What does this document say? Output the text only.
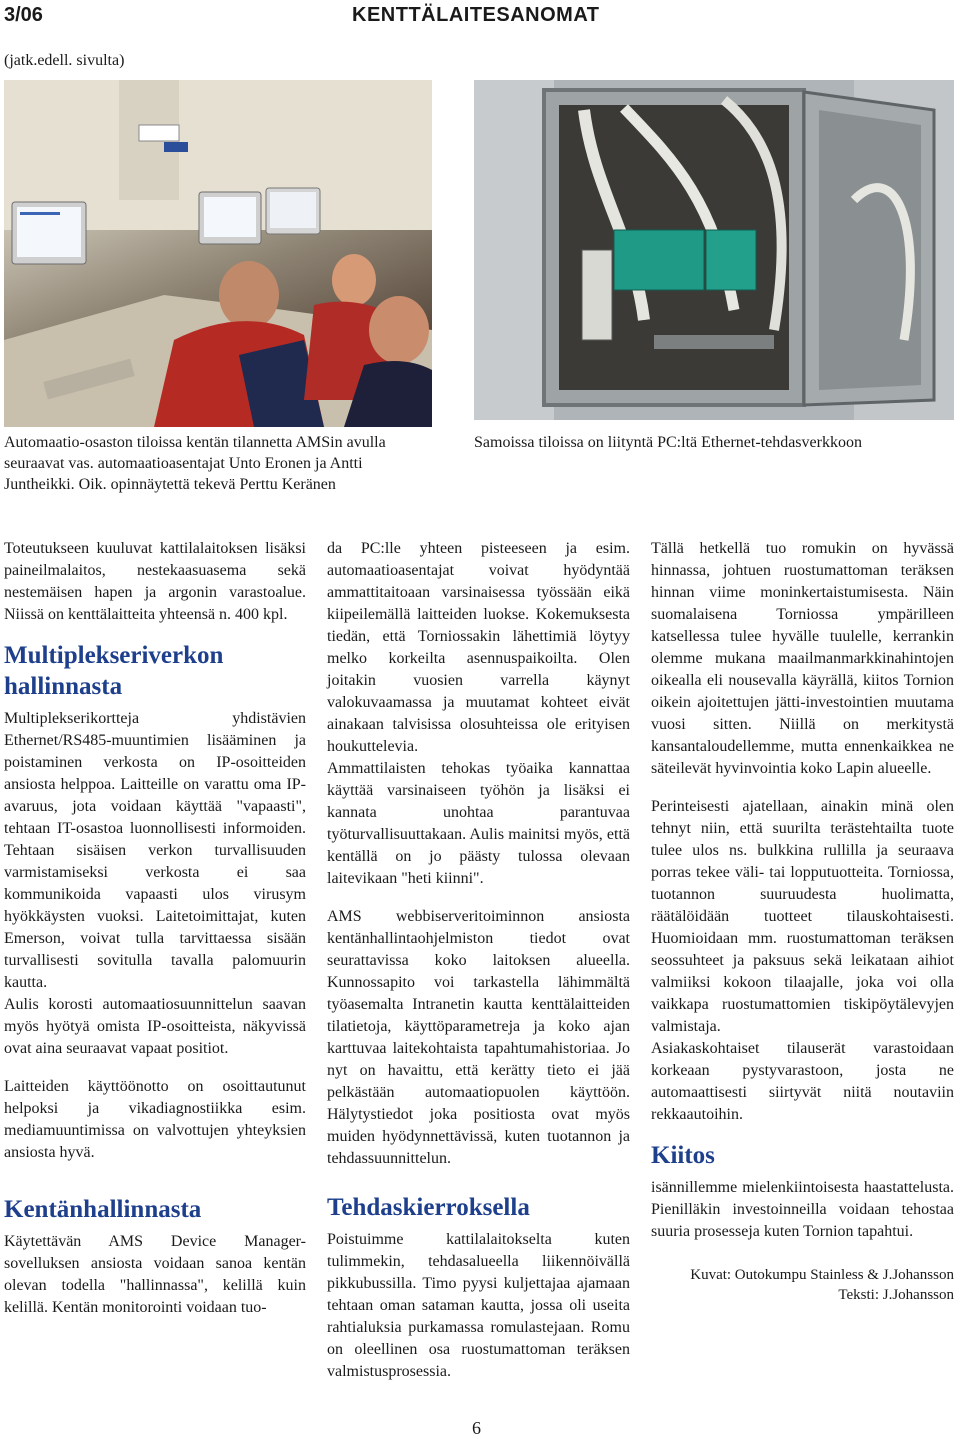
3/06	KENTTÄLAITESANOMAT
(jatk.edell. sivulta)
Automaatio-osaston tiloissa kentän tilannetta AMSin avulla seuraavat vas. automaatioasentajat Unto Eronen ja Antti Juntheikki. Oik. opinnäytettä tekevä Perttu Keränen
Samoissa tiloissa on liityntä PC:ltä Ethernet-tehdasverkkoon

Toteutukseen kuuluvat kattilalaitoksen lisäksi paineilmalaitos, nestekaasuasema sekä nestemäisen hapen ja argonin varastoalue. Niissä on kenttälaitteita yhteensä n. 400 kpl.

Multiplekseriverkon hallinnasta

Multiplekserikortteja yhdistävien Ethernet/RS485-muuntimien lisääminen ja poistaminen verkosta on IP-osoitteiden ansiosta helppoa. Laitteille on varattu oma IP-avaruus, jota voidaan käyttää "vapaasti", tehtaan IT-osastoa luonnollisesti informoiden. Tehtaan sisäisen verkon turvallisuuden varmistamiseksi verkosta ei saa kommunikoida vapaasti ulos virusym hyökkäysten vuoksi. Laitetoimittajat, kuten Emerson, voivat tulla tarvittaessa sisään turvallisesti sovitulla tavalla palomuurin kautta.

Aulis korosti automaatiosuunnittelun saavan myös hyötyä omista IP-osoitteista, näkyvissä ovat aina seuraavat vapaat positiot.

Laitteiden käyttöönotto on osoittautunut helpoksi ja vikadiagnostiikka esim. mediamuuntimissa on valvottujen yhteyksien ansiosta hyvä.

Kentänhallinnasta

Käytettävän AMS Device Manager-sovelluksen ansiosta voidaan sanoa kentän olevan todella "hallinnassa", kelillä kuin kelillä. Kentän monitorointi voidaan tuo-

da PC:lle yhteen pisteeseen ja esim. automaatioasentajat voivat hyödyntää ammattitaitoaan varsinaisessa työssään eikä kiipeilemällä laitteiden luokse. Kokemuksesta tiedän, että Torniossakin lähettimiä löytyy melko korkeilta asennuspaikoilta. Olen joitakin vuosien varrella käynyt valokuvaamassa ja muutamat kohteet eivät ainakaan talvisissa olosuhteissa ole erityisen houkuttelevia.

Ammattilaisten tehokas työaika kannattaa käyttää varsinaiseen työhön ja lisäksi ei kannata unohtaa parantuvaa työturvallisuuttakaan. Aulis mainitsi myös, että kentällä on jo päästy tulossa olevaan laitevikaan "heti kiinni".

AMS webbiserveritoiminnon ansiosta kentänhallintaohjelmiston tiedot ovat seurattavissa koko laitoksen alueella. Kunnossapito voi tarkastella lähimmältä työasemalta Intranetin kautta kenttälaitteiden tilatietoja, käyttöparametreja ja koko ajan karttuvaa laitekohtaista tapahtumahistoriaa. Jo nyt on havaittu, että kerätty tieto ei jää pelkästään automaatiopuolen käyttöön. Hälytystiedot joka positiosta ovat myös muiden hyödynnettävissä, kuten tuotannon ja tehdassuunnittelun.

Tehdaskierroksella

Poistuimme kattilalaitokselta kuten tulimmekin, tehdasalueella liikennöivällä pikkubussilla. Timo pyysi kuljettajaa ajamaan tehtaan oman sataman kautta, jossa oli useita rahtialuksia purkamassa romulastejaan. Romu on oleellinen osa ruostumattoman teräksen valmistusprosessia.

Tällä hetkellä tuo romukin on hyvässä hinnassa, johtuen ruostumattoman teräksen hinnan viime moninkertaistumisesta. Näin suomalaisena Torniossa ympärilleen katsellessa tulee hyvälle tuulelle, kerrankin olemme mukana maailmanmarkkinahintojen oikealla eli nousevalla käyrällä, kiitos Tornion oikein ajoitettujen jätti-investointien muutama vuosi sitten. Niillä on merkitystä kansantaloudellemme, mutta ennenkaikkea ne säteilevät hyvinvointia koko Lapin alueelle.

Perinteisesti ajatellaan, ainakin minä olen tehnyt niin, että suurilta terästehtailta tuote tulee ulos ns. bulkkina rullilla ja seuraava porras tekee väli- tai lopputuotteita. Torniossa, tuotannon suuruudesta huolimatta, räätälöidään tuotteet tilauskohtaisesti. Huomioidaan mm. ruostumattoman teräksen seossuhteet ja paksuus sekä leikataan aihiot valmiiksi kokoon tilaajalle, joka voi olla vaikkapa ruostumattomien tiskipöytälevyjen valmistaja.

Asiakaskohtaiset tilauserät varastoidaan korkeaan pystyvarastoon, josta ne automaattisesti siirtyvät niitä noutaviin rekkaautoihin.

Kiitos

isännillemme mielenkiintoisesta haastattelusta. Pienilläkin investoinneilla voidaan tehostaa suuria prosesseja kuten Tornion tapahtui.

Kuvat: Outokumpu Stainless & J.Johansson
Teksti: J.Johansson
6
